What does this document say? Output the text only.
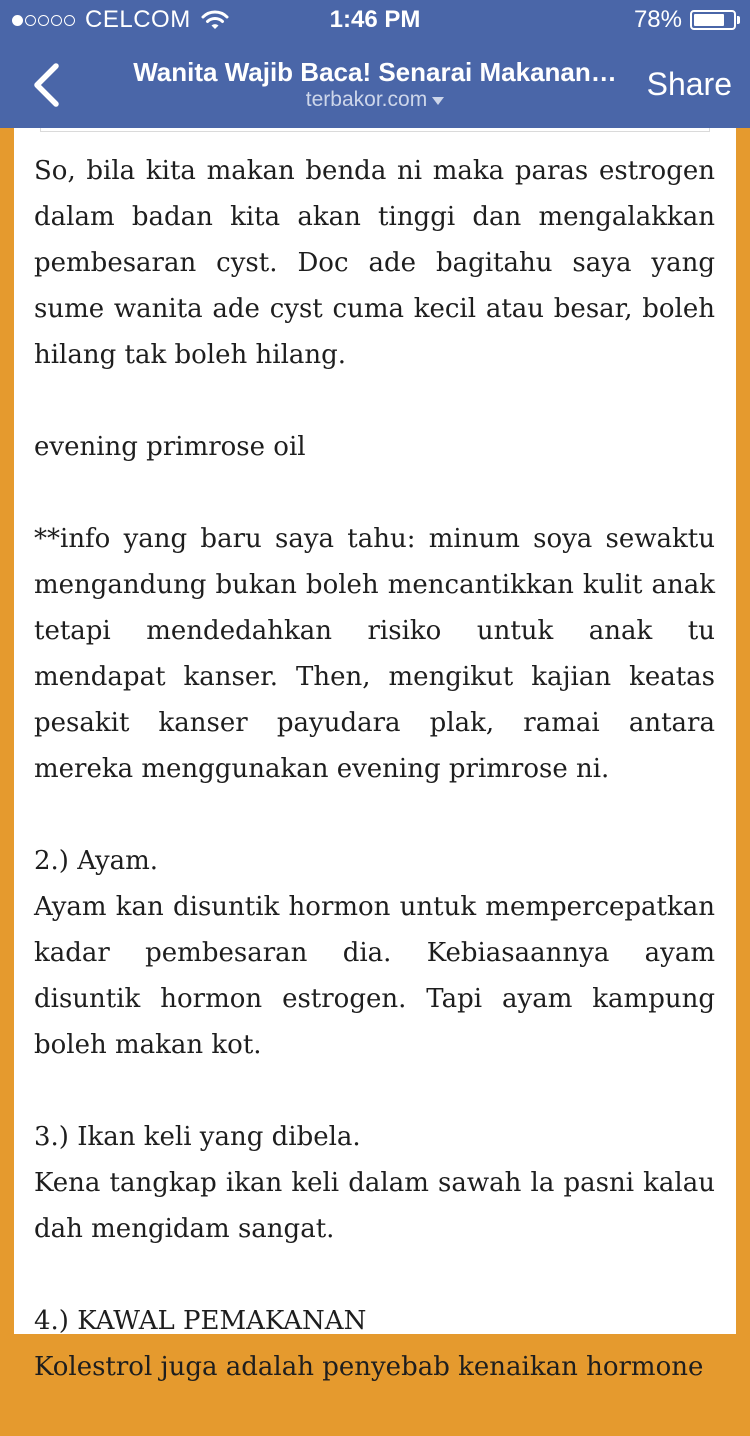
CELCOM	1:46 PM	78%
Wanita Wajib Baca! Senarai Makanan…
terbakor.com	Share

So, bila kita makan benda ni maka paras estrogen dalam badan kita akan tinggi dan mengalakkan pembesaran cyst. Doc ade bagitahu saya yang sume wanita ade cyst cuma kecil atau besar, boleh hilang tak boleh hilang.

evening primrose oil

**info yang baru saya tahu: minum soya sewaktu mengandung bukan boleh mencantikkan kulit anak tetapi mendedahkan risiko untuk anak tu mendapat kanser. Then, mengikut kajian keatas pesakit kanser payudara plak, ramai antara mereka menggunakan evening primrose ni.

2.) Ayam.

Ayam kan disuntik hormon untuk mempercepatkan kadar pembesaran dia. Kebiasaannya ayam disuntik hormon estrogen. Tapi ayam kampung boleh makan kot.

3.) Ikan keli yang dibela.

Kena tangkap ikan keli dalam sawah la pasni kalau dah mengidam sangat.

4.) KAWAL PEMAKANAN

Kolestrol juga adalah penyebab kenaikan hormone
